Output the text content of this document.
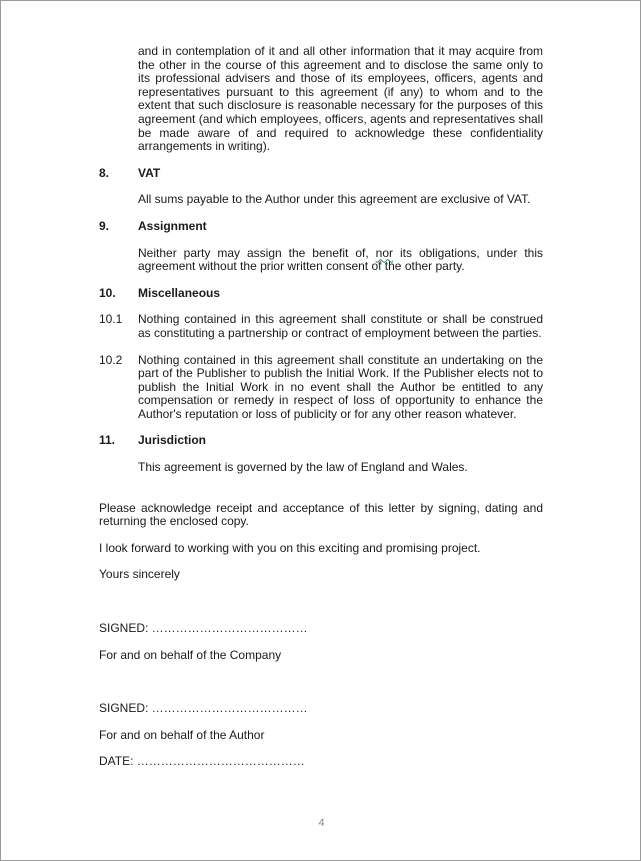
and in contemplation of it and all other information that it may acquire from the other in the course of this agreement and to disclose the same only to its professional advisers and those of its employees, officers, agents and representatives pursuant to this agreement (if any) to whom and to the extent that such disclosure is reasonable necessary for the purposes of this agreement (and which employees, officers, agents and representatives shall be made aware of and required to acknowledge these confidentiality arrangements in writing).
8.	VAT
All sums payable to the Author under this agreement are exclusive of VAT.
9.	Assignment
Neither party may assign the benefit of, nor its obligations, under this agreement without the prior written consent of the other party.
10.	Miscellaneous
10.1	Nothing contained in this agreement shall constitute or shall be construed as constituting a partnership or contract of employment between the parties.
10.2	Nothing contained in this agreement shall constitute an undertaking on the part of the Publisher to publish the Initial Work. If the Publisher elects not to publish the Initial Work in no event shall the Author be entitled to any compensation or remedy in respect of loss of opportunity to enhance the Author's reputation or loss of publicity or for any other reason whatever.
11.	Jurisdiction
This agreement is governed by the law of England and Wales.
Please acknowledge receipt and acceptance of this letter by signing, dating and returning the enclosed copy.
I look forward to working with you on this exciting and promising project.
Yours sincerely
SIGNED: …………………………………
For and on behalf of the Company
SIGNED: …………………………………
For and on behalf of the Author
DATE: ……………………………………
4
